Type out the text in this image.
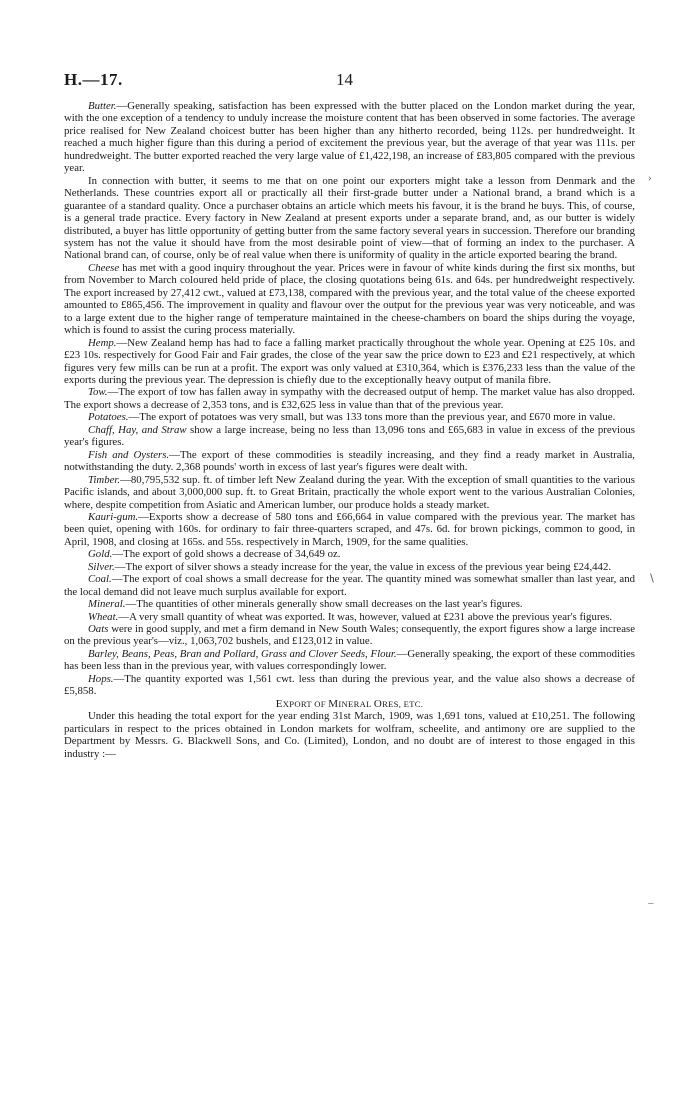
H.—17.	14

Butter.—Generally speaking, satisfaction has been expressed with the butter placed on the London market during the year, with the one exception of a tendency to unduly increase the moisture content that has been observed in some factories. The average price realised for New Zealand choicest butter has been higher than any hitherto recorded, being 112s. per hundredweight. It reached a much higher figure than this during a period of excitement the previous year, but the average of that year was 111s. per hundredweight. The butter exported reached the very large value of £1,422,198, an increase of £83,805 compared with the previous year.

In connection with butter, it seems to me that on one point our exporters might take a lesson from Denmark and the Netherlands. These countries export all or practically all their first-grade butter under a National brand, a brand which is a guarantee of a standard quality. Once a purchaser obtains an article which meets his favour, it is the brand he buys. This, of course, is a general trade practice. Every factory in New Zealand at present exports under a separate brand, and, as our butter is widely distributed, a buyer has little opportunity of getting butter from the same factory several years in succession. Therefore our branding system has not the value it should have from the most desirable point of view—that of forming an index to the purchaser. A National brand can, of course, only be of real value when there is uniformity of quality in the article exported bearing the brand.

Cheese has met with a good inquiry throughout the year. Prices were in favour of white kinds during the first six months, but from November to March coloured held pride of place, the closing quotations being 61s. and 64s. per hundredweight respectively. The export increased by 27,412 cwt., valued at £73,138, compared with the previous year, and the total value of the cheese exported amounted to £865,456. The improvement in quality and flavour over the output for the previous year was very noticeable, and was to a large extent due to the higher range of temperature maintained in the cheese-chambers on board the ships during the voyage, which is found to assist the curing process materially.

Hemp.—New Zealand hemp has had to face a falling market practically throughout the whole year. Opening at £25 10s. and £23 10s. respectively for Good Fair and Fair grades, the close of the year saw the price down to £23 and £21 respectively, at which figures very few mills can be run at a profit. The export was only valued at £310,364, which is £376,233 less than the value of the exports during the previous year. The depression is chiefly due to the exceptionally heavy output of manila fibre.

Tow.—The export of tow has fallen away in sympathy with the decreased output of hemp. The market value has also dropped. The export shows a decrease of 2,353 tons, and is £32,625 less in value than that of the previous year.

Potatoes.—The export of potatoes was very small, but was 133 tons more than the previous year, and £670 more in value.

Chaff, Hay, and Straw show a large increase, being no less than 13,096 tons and £65,683 in value in excess of the previous year's figures.

Fish and Oysters.—The export of these commodities is steadily increasing, and they find a ready market in Australia, notwithstanding the duty. 2,368 pounds' worth in excess of last year's figures were dealt with.

Timber.—80,795,532 sup. ft. of timber left New Zealand during the year. With the exception of small quantities to the various Pacific islands, and about 3,000,000 sup. ft. to Great Britain, practically the whole export went to the various Australian Colonies, where, despite competition from Asiatic and American lumber, our produce holds a steady market.

Kauri-gum.—Exports show a decrease of 580 tons and £66,664 in value compared with the previous year. The market has been quiet, opening with 160s. for ordinary to fair three-quarters scraped, and 47s. 6d. for brown pickings, common to good, in April, 1908, and closing at 165s. and 55s. respectively in March, 1909, for the same qualities.

Gold.—The export of gold shows a decrease of 34,649 oz.

Silver.—The export of silver shows a steady increase for the year, the value in excess of the previous year being £24,442.

Coal.—The export of coal shows a small decrease for the year. The quantity mined was somewhat smaller than last year, and the local demand did not leave much surplus available for export.

Mineral.—The quantities of other minerals generally show small decreases on the last year's figures.

Wheat.—A very small quantity of wheat was exported. It was, however, valued at £231 above the previous year's figures.

Oats were in good supply, and met a firm demand in New South Wales; consequently, the export figures show a large increase on the previous year's—viz., 1,063,702 bushels, and £123,012 in value.

Barley, Beans, Peas, Bran and Pollard, Grass and Clover Seeds, Flour.—Generally speaking, the export of these commodities has been less than in the previous year, with values correspondingly lower.

Hops.—The quantity exported was 1,561 cwt. less than during the previous year, and the value also shows a decrease of £5,858.

EXPORT OF MINERAL ORES, ETC.

Under this heading the total export for the year ending 31st March, 1909, was 1,691 tons, valued at £10,251. The following particulars in respect to the prices obtained in London markets for wolfram, scheelite, and antimony ore are supplied to the Department by Messrs. G. Blackwell Sons, and Co. (Limited), London, and no doubt are of interest to those engaged in this industry :—

›
∖
–
